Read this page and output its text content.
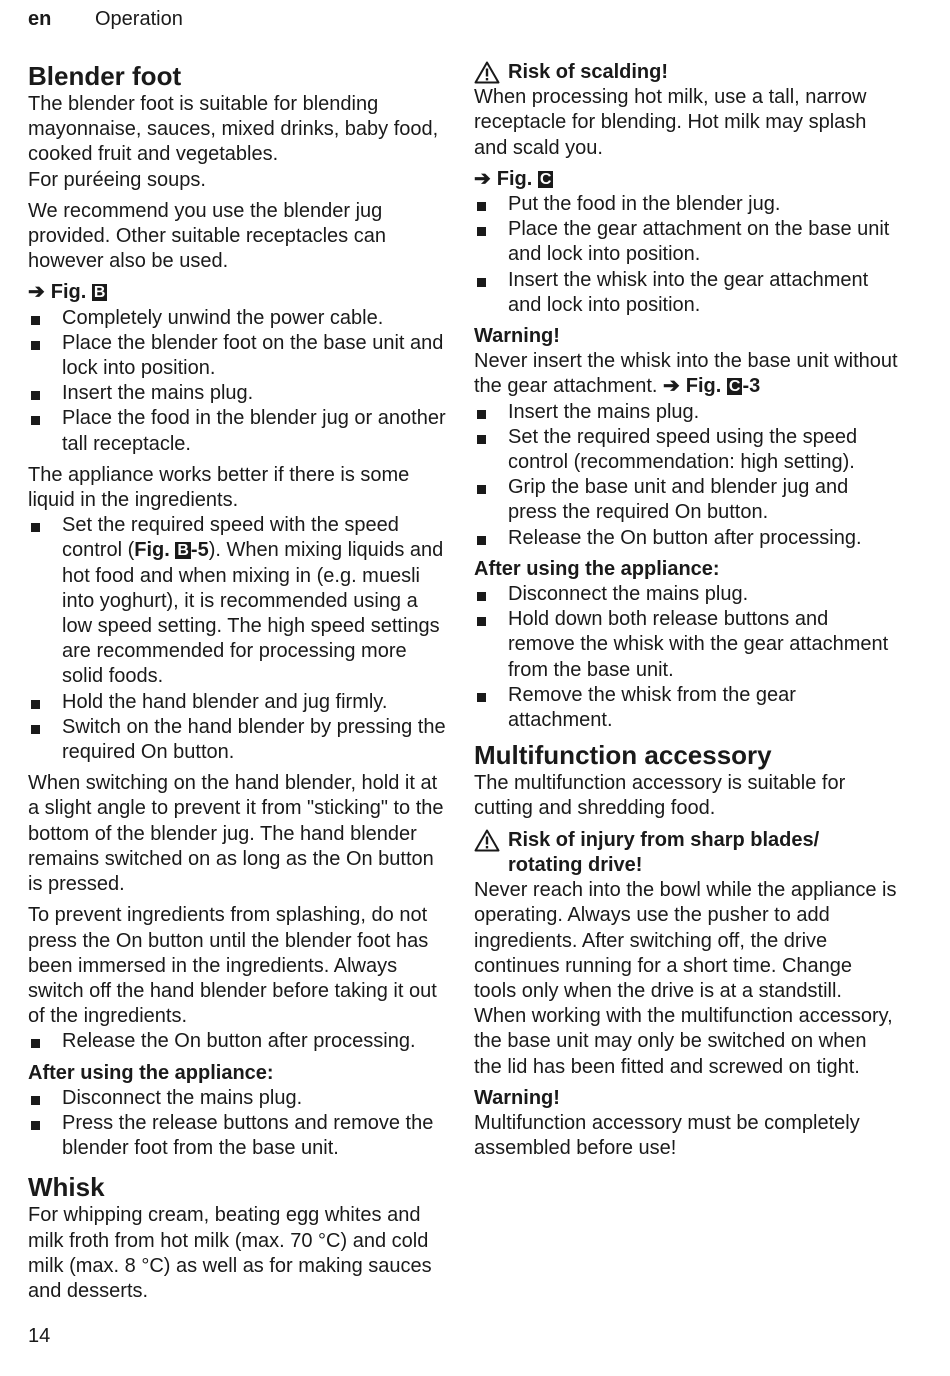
en Operation
Blender foot

The blender foot is suitable for blending mayonnaise, sauces, mixed drinks, baby food, cooked fruit and vegetables.

For puréeing soups.

We recommend you use the blender jug provided. Other suitable receptacles can however also be used.

➔ Fig. B

Completely unwind the power cable.
Place the blender foot on the base unit and lock into position.
Insert the mains plug.
Place the food in the blender jug or another tall receptacle.

The appliance works better if there is some liquid in the ingredients.

Set the required speed with the speed control (Fig. B -5). When mixing liquids and hot food and when mixing in (e.g. muesli into yoghurt), it is recommended using a low speed setting. The high speed settings are recommended for processing more solid foods.
Hold the hand blender and jug firmly.
Switch on the hand blender by pressing the required On button.

When switching on the hand blender, hold it at a slight angle to prevent it from "sticking" to the bottom of the blender jug. The hand blender remains switched on as long as the On button is pressed.

To prevent ingredients from splashing, do not press the On button until the blender foot has been immersed in the ingredients. Always switch off the hand blender before taking it out of the ingredients.

Release the On button after processing.

After using the appliance:

Disconnect the mains plug.
Press the release buttons and remove the blender foot from the base unit.
Whisk

For whipping cream, beating egg whites and milk froth from hot milk (max. 70 °C) and cold milk (max. 8 °C) as well as for making sauces and desserts.

Risk of scalding!

When processing hot milk, use a tall, narrow receptacle for blending. Hot milk may splash and scald you.

➔ Fig. C

Put the food in the blender jug.
Place the gear attachment on the base unit and lock into position.
Insert the whisk into the gear attachment and lock into position.

Warning!

Never insert the whisk into the base unit without the gear attachment. ➔ Fig. C -3

Insert the mains plug.
Set the required speed using the speed control (recommendation: high setting).
Grip the base unit and blender jug and press the required On button.
Release the On button after processing.

After using the appliance:

Disconnect the mains plug.
Hold down both release buttons and remove the whisk with the gear attachment from the base unit.
Remove the whisk from the gear attachment.
Multifunction accessory

The multifunction accessory is suitable for cutting and shredding food.

Risk of injury from sharp blades/ rotating drive!

Never reach into the bowl while the appliance is operating. Always use the pusher to add ingredients. After switching off, the drive continues running for a short time. Change tools only when the drive is at a standstill.

When working with the multifunction accessory, the base unit may only be switched on when the lid has been fitted and screwed on tight.

Warning!

Multifunction accessory must be completely assembled before use!

14
